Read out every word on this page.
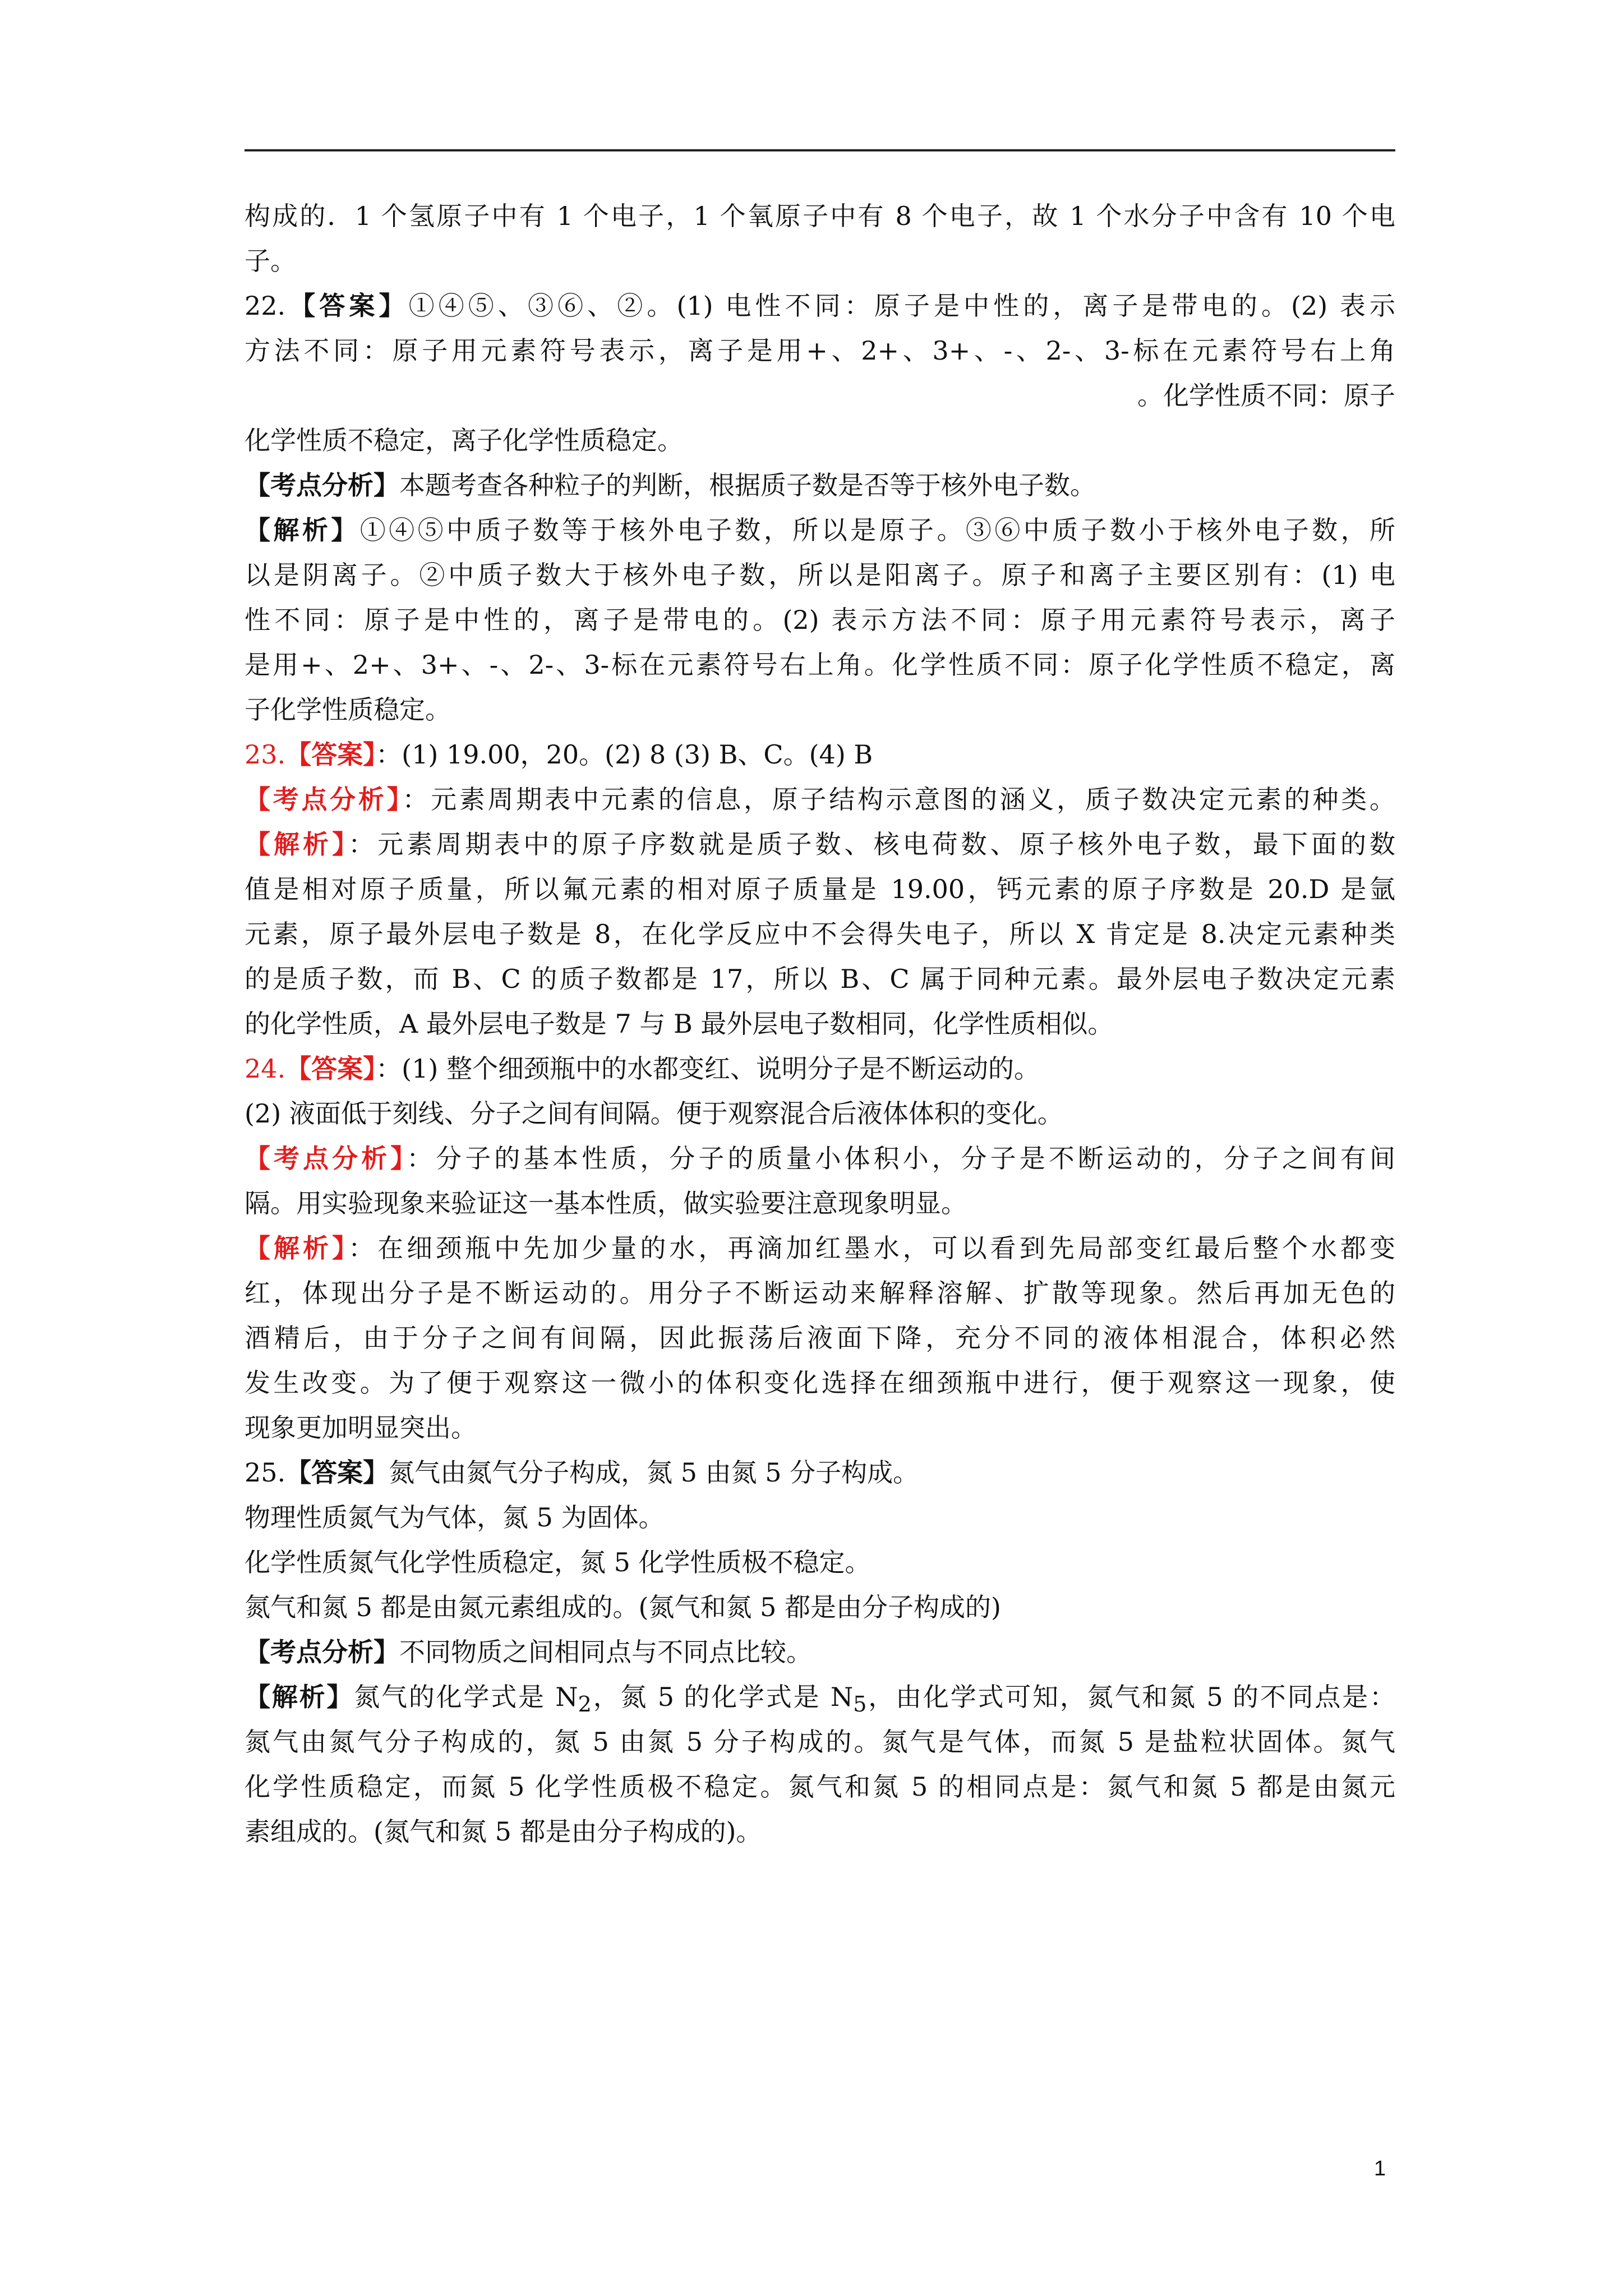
构成的．1 个氢原子中有 1 个电子，1 个氧原子中有 8 个电子，故 1 个水分子中含有 10 个电
子。
22.【答案】①④⑤、③⑥、②。(1) 电性不同：原子是中性的，离子是带电的。(2) 表示
方法不同：原子用元素符号表示，离子是用+、2+、3+、-、2-、3-标在元素符号右上角
。化学性质不同：原子
化学性质不稳定，离子化学性质稳定。
【考点分析】本题考查各种粒子的判断，根据质子数是否等于核外电子数。
【解析】①④⑤中质子数等于核外电子数，所以是原子。③⑥中质子数小于核外电子数，所
以是阴离子。②中质子数大于核外电子数，所以是阳离子。原子和离子主要区别有：(1) 电
性不同：原子是中性的，离子是带电的。(2) 表示方法不同：原子用元素符号表示，离子
是用+、2+、3+、-、2-、3-标在元素符号右上角。化学性质不同：原子化学性质不稳定，离
子化学性质稳定。
23.【答案】：(1) 19.00，20。(2) 8 (3) B、C。(4) B
【考点分析】：元素周期表中元素的信息，原子结构示意图的涵义，质子数决定元素的种类。
【解析】：元素周期表中的原子序数就是质子数、核电荷数、原子核外电子数，最下面的数
值是相对原子质量，所以氟元素的相对原子质量是 19.00，钙元素的原子序数是 20.D 是氩
元素，原子最外层电子数是 8，在化学反应中不会得失电子，所以 X 肯定是 8.决定元素种类
的是质子数，而 B、C 的质子数都是 17，所以 B、C 属于同种元素。最外层电子数决定元素
的化学性质，A 最外层电子数是 7 与 B 最外层电子数相同，化学性质相似。
24.【答案】：(1) 整个细颈瓶中的水都变红、说明分子是不断运动的。
(2) 液面低于刻线、分子之间有间隔。便于观察混合后液体体积的变化。
【考点分析】：分子的基本性质，分子的质量小体积小，分子是不断运动的，分子之间有间
隔。用实验现象来验证这一基本性质，做实验要注意现象明显。
【解析】：在细颈瓶中先加少量的水，再滴加红墨水，可以看到先局部变红最后整个水都变
红，体现出分子是不断运动的。用分子不断运动来解释溶解、扩散等现象。然后再加无色的
酒精后，由于分子之间有间隔，因此振荡后液面下降，充分不同的液体相混合，体积必然
发生改变。为了便于观察这一微小的体积变化选择在细颈瓶中进行，便于观察这一现象，使
现象更加明显突出。
25.【答案】氮气由氮气分子构成，氮 5 由氮 5 分子构成。
物理性质氮气为气体，氮 5 为固体。
化学性质氮气化学性质稳定，氮 5 化学性质极不稳定。
氮气和氮 5 都是由氮元素组成的。(氮气和氮 5 都是由分子构成的)
【考点分析】不同物质之间相同点与不同点比较。
【解析】氮气的化学式是 $N_2$，氮 5 的化学式是 $N_5$，由化学式可知，氮气和氮 5 的不同点是：
氮气由氮气分子构成的，氮 5 由氮 5 分子构成的。氮气是气体，而氮 5 是盐粒状固体。氮气
化学性质稳定，而氮 5 化学性质极不稳定。氮气和氮 5 的相同点是：氮气和氮 5 都是由氮元
素组成的。(氮气和氮 5 都是由分子构成的)。
1
